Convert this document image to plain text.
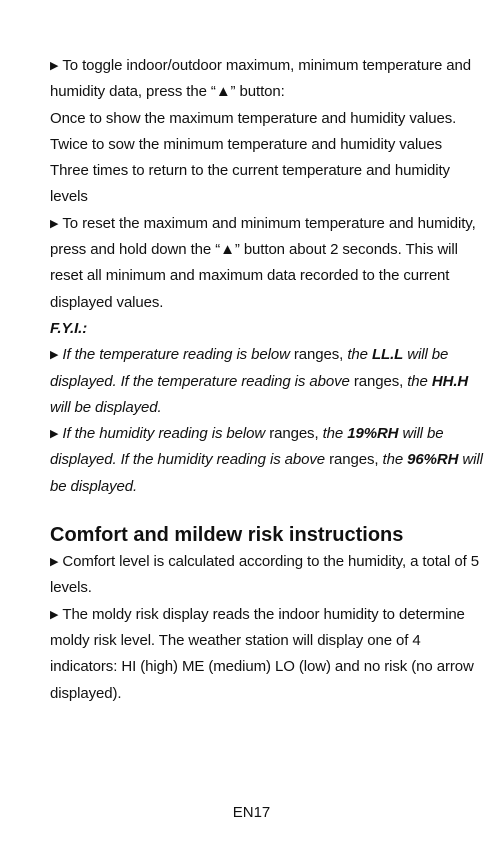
▶ To toggle indoor/outdoor maximum, minimum temperature and humidity data, press the “▲” button:

Once to show the maximum temperature and humidity values.

Twice to sow the minimum temperature and humidity values

Three times to return to the current temperature and humidity levels

▶ To reset the maximum and minimum temperature and humidity, press and hold down the “▲” button about 2 seconds. This will reset all minimum and maximum data recorded to the current displayed values.

F.Y.I.:

▶ If the temperature reading is below ranges, the LL.L will be displayed. If the temperature reading is above ranges, the HH.H will be displayed.

▶ If the humidity reading is below ranges, the 19%RH will be displayed. If the humidity reading is above ranges, the 96%RH will be displayed.

Comfort and mildew risk instructions

▶ Comfort level is calculated according to the humidity, a total of 5 levels.

▶ The moldy risk display reads the indoor humidity to determine moldy risk level. The weather station will display one of 4 indicators: HI (high) ME (medium) LO (low) and no risk (no arrow displayed).

EN17
